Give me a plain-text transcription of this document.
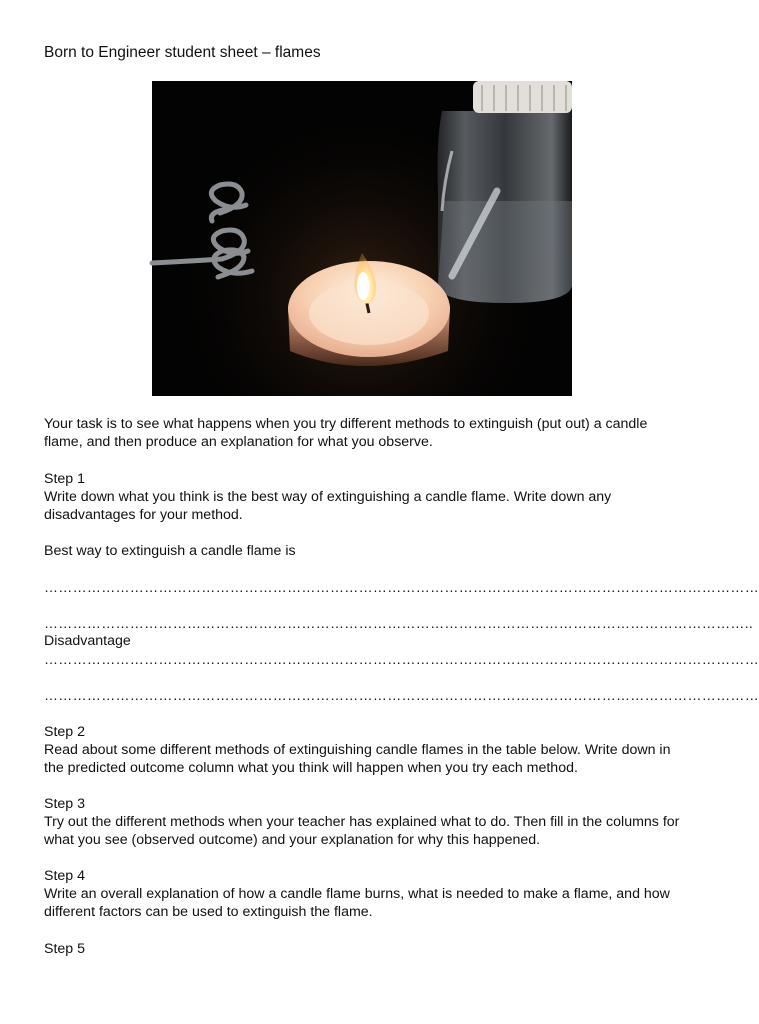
Born to Engineer student sheet – flames

Your task is to see what happens when you try different methods to extinguish (put out) a candle flame, and then produce an explanation for what you observe.

Step 1

Write down what you think is the best way of extinguishing a candle flame. Write down any disadvantages for your method.

Best way to extinguish a candle flame is

……………………………………………………………………………………………………………………………………
…………………………………………………………………………………………………………………………………..

Disadvantage

……………………………………………………………………………………………………………………………………
……………………………………………………………………………………………………………………………………

Step 2

Read about some different methods of extinguishing candle flames in the table below. Write down in the predicted outcome column what you think will happen when you try each method.

Step 3

Try out the different methods when your teacher has explained what to do. Then fill in the columns for what you see (observed outcome) and your explanation for why this happened.

Step 4

Write an overall explanation of how a candle flame burns, what is needed to make a flame, and how different factors can be used to extinguish the flame.

Step 5
